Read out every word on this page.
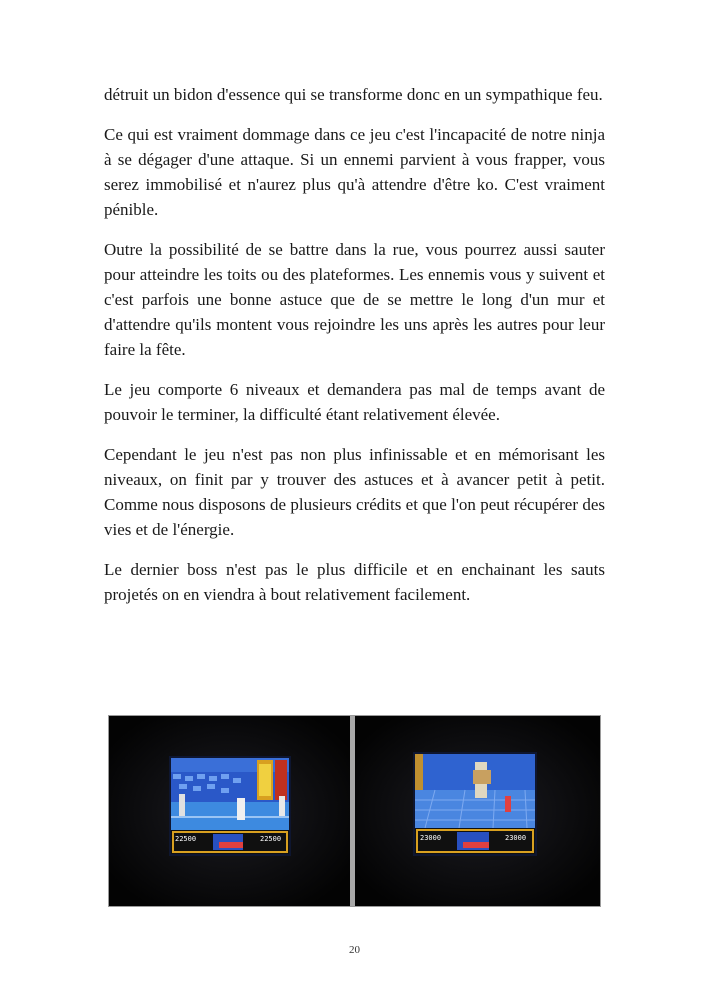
détruit un bidon d'essence qui se transforme donc en un sympathique feu.

Ce qui est vraiment dommage dans ce jeu c'est l'incapacité de notre ninja à se dégager d'une attaque. Si un ennemi parvient à vous frapper, vous serez immobilisé et n'aurez plus qu'à attendre d'être ko. C'est vraiment pénible.

Outre la possibilité de se battre dans la rue, vous pourrez aussi sauter pour atteindre les toits ou des plateformes. Les ennemis vous y suivent et c'est parfois une bonne astuce que de se mettre le long d'un mur et d'attendre qu'ils montent vous rejoindre les uns après les autres pour leur faire la fête.

Le jeu comporte 6 niveaux et demandera pas mal de temps avant de pouvoir le terminer, la difficulté étant relativement élevée.

Cependant le jeu n'est pas non plus infinissable et en mémorisant les niveaux, on finit par y trouver des astuces et à avancer petit à petit. Comme nous disposons de plusieurs crédits et que l'on peut récupérer des vies et de l'énergie.

Le dernier boss n'est pas le plus difficile et en enchainant les sauts projetés on en viendra à bout relativement facilement.

22500	22500	23000	23000
20
